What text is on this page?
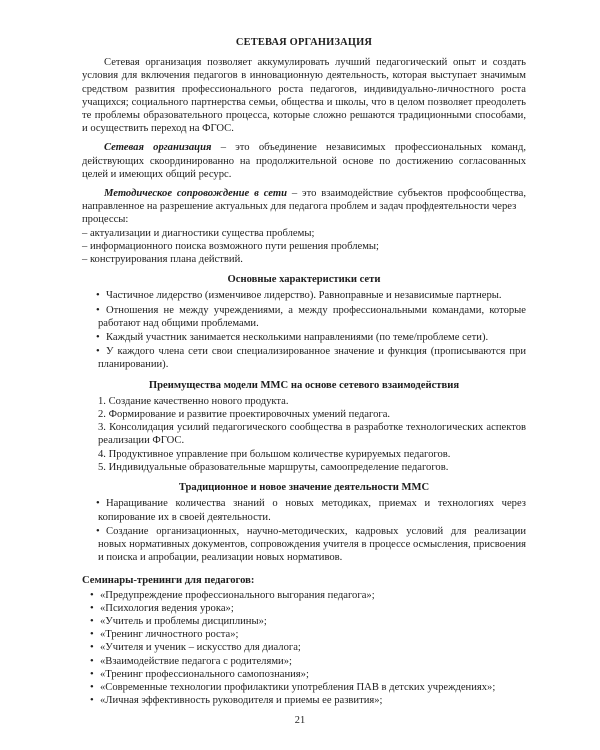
СЕТЕВАЯ ОРГАНИЗАЦИЯ

Сетевая организация позволяет аккумулировать лучший педагогический опыт и создать условия для включения педагогов в инновационную деятельность, которая выступает значимым средством развития профессионального роста педагогов, индивидуально-личностного роста учащихся; социального партнерства семьи, общества и школы, что в целом позволяет преодолеть те проблемы образовательного процесса, которые сложно решаются традиционными способами, и осуществить переход на ФГОС.

Сетевая организация – это объединение независимых профессиональных команд, действующих скоординированно на продолжительной основе по достижению согласованных целей и имеющих общий ресурс.

Методическое сопровождение в сети – это взаимодействие субъектов профсообщества, направленное на разрешение актуальных для педагога проблем и задач профдеятельности через

процессы:
– актуализации и диагностики существа проблемы;
– информационного поиска возможного пути решения проблемы;
– конструирования плана действий.
Основные характеристики сети
• Частичное лидерство (изменчивое лидерство). Равноправные и независимые партнеры.
• Отношения не между учреждениями, а между профессиональными командами, которые работают над общими проблемами.
• Каждый участник занимается несколькими направлениями (по теме/проблеме сети).
• У каждого члена сети свои специализированное значение и функция (прописываются при планировании).
Преимущества модели ММС на основе сетевого взаимодействия
1. Создание качественно нового продукта.
2. Формирование и развитие проектировочных умений педагога.
3. Консолидация усилий педагогического сообщества в разработке технологических аспектов реализации ФГОС.
4. Продуктивное управление при большом количестве курируемых педагогов.
5. Индивидуальные образовательные маршруты, самоопределение педагогов.
Традиционное и новое значение деятельности ММС
• Наращивание количества знаний о новых методиках, приемах и технологиях через копирование их в своей деятельности.
• Создание организационных, научно-методических, кадровых условий для реализации новых нормативных документов, сопровождения учителя в процессе осмысления, присвоения и поиска и апробации, реализации новых нормативов.
Семинары-тренинги для педагогов:
• «Предупреждение профессионального выгорания педагога»;
• «Психология ведения урока»;
• «Учитель и проблемы дисциплины»;
• «Тренинг личностного роста»;
• «Учителя и ученик – искусство для диалога;
• «Взаимодействие педагога с родителями»;
• «Тренинг профессионального самопознания»;
• «Современные технологии профилактики употребления ПАВ в детских учреждениях»;
• «Личная эффективность руководителя и приемы ее развития»;
21
